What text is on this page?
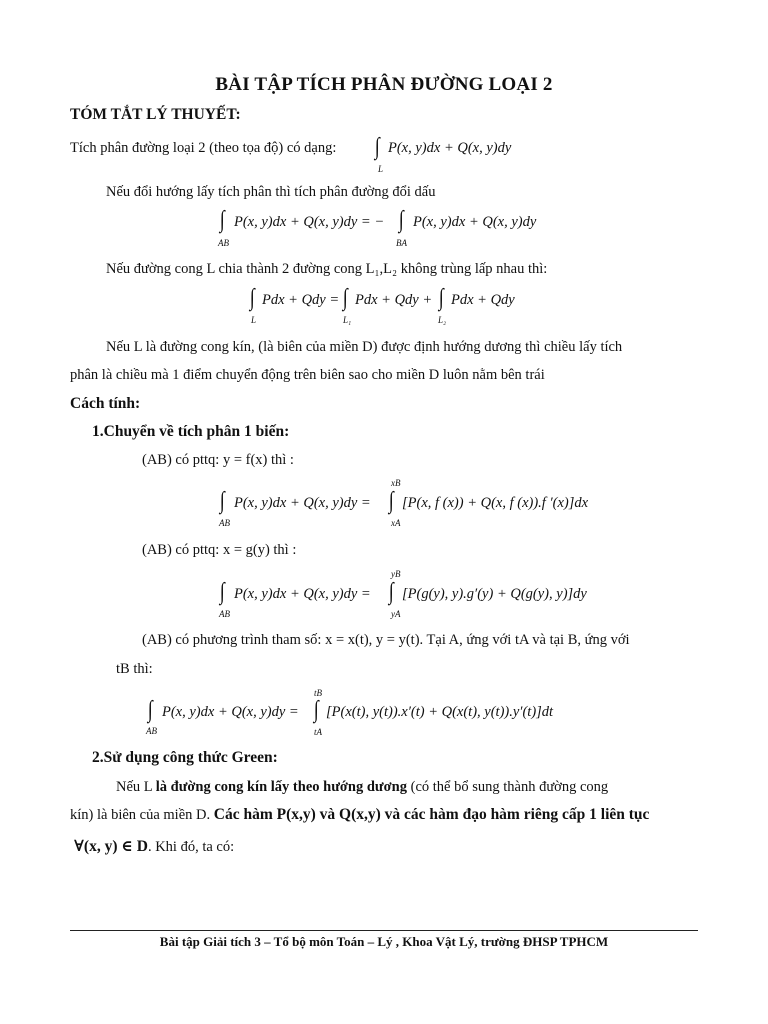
BÀI TẬP TÍCH PHÂN ĐƯỜNG LOẠI 2
TÓM TẮT LÝ THUYẾT:
Tích phân đường loại 2 (theo tọa độ) có dạng: ∫
L
P(x, y)dx + Q(x, y)dy
Nếu đổi hướng lấy tích phân thì tích phân đường đổi dấu
∫
AB
P(x, y)dx + Q(x, y)dy = − ∫
BA
P(x, y)dx + Q(x, y)dy
Nếu đường cong L chia thành 2 đường cong L₁,L₂ không trùng lấp nhau thì:
∫
L
Pdx + Qdy = ∫
L₁
Pdx + Qdy + ∫
L₂
Pdx + Qdy
Nếu L là đường cong kín, (là biên của miền D) được định hướng dương thì chiều lấy tích
phân là chiều mà 1 điểm chuyển động trên biên sao cho miền D luôn nằm bên trái
Cách tính:
1.Chuyển về tích phân 1 biến:
(AB) có pttq: y = f(x) thì :
∫
AB
P(x, y)dx + Q(x, y)dy =
xB
∫
xA
[P(x, f (x)) + Q(x, f (x)).f ′(x)]dx
(AB) có pttq: x = g(y) thì :
∫
AB
P(x, y)dx + Q(x, y)dy =
yB
∫
yA
[P(g(y), y).g′(y) + Q(g(y), y)]dy
(AB) có phương trình tham số: x = x(t), y = y(t). Tại A, ứng với tA và tại B, ứng với
tB thì:
∫
AB
P(x, y)dx + Q(x, y)dy =
tB
∫
tA
[P(x(t), y(t)).x′(t) + Q(x(t), y(t)).y′(t)]dt
2.Sử dụng công thức Green:
Nếu L là đường cong kín lấy theo hướng dương (có thể bổ sung thành đường cong
kín) là biên của miền D. Các hàm P(x,y) và Q(x,y) và các hàm đạo hàm riêng cấp 1 liên tục
∀(x, y) ∈ D. Khi đó, ta có:
Bài tập Giải tích 3 – Tổ bộ môn Toán – Lý , Khoa Vật Lý, trường ĐHSP TPHCM
